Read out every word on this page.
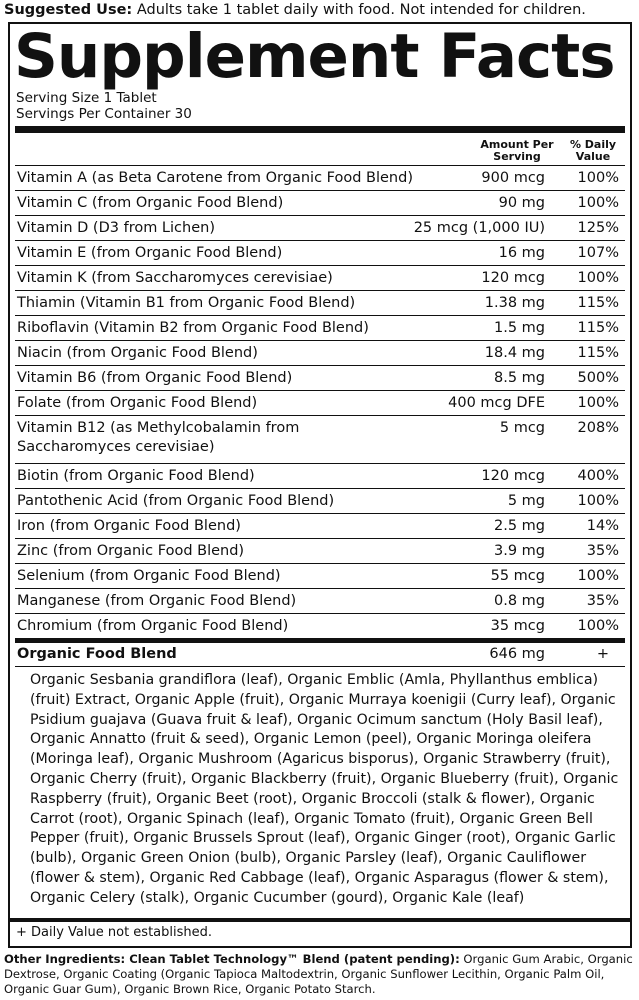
Suggested Use: Adults take 1 tablet daily with food. Not intended for children.
Supplement Facts
Serving Size 1 Tablet
Servings Per Container 30
Amount Per
Serving
% Daily
Value
Vitamin A (as Beta Carotene from Organic Food Blend)	900 mcg	100%
Vitamin C (from Organic Food Blend)	90 mg	100%
Vitamin D (D3 from Lichen)	25 mcg (1,000 IU)	125%
Vitamin E (from Organic Food Blend)	16 mg	107%
Vitamin K (from Saccharomyces cerevisiae)	120 mcg	100%
Thiamin (Vitamin B1 from Organic Food Blend)	1.38 mg	115%
Riboflavin (Vitamin B2 from Organic Food Blend)	1.5 mg	115%
Niacin (from Organic Food Blend)	18.4 mg	115%
Vitamin B6 (from Organic Food Blend)	8.5 mg	500%
Folate (from Organic Food Blend)	400 mcg DFE	100%
Vitamin B12 (as Methylcobalamin from Saccharomyces cerevisiae)
5 mcg	208%
Biotin (from Organic Food Blend)	120 mcg	400%
Pantothenic Acid (from Organic Food Blend)	5 mg	100%
Iron (from Organic Food Blend)	2.5 mg	14%
Zinc (from Organic Food Blend)	3.9 mg	35%
Selenium (from Organic Food Blend)	55 mcg	100%
Manganese (from Organic Food Blend)	0.8 mg	35%
Chromium (from Organic Food Blend)	35 mcg	100%
Organic Food Blend	646 mg	+
Organic Sesbania grandiflora (leaf), Organic Emblic (Amla, Phyllanthus emblica) (fruit) Extract, Organic Apple (fruit), Organic Murraya koenigii (Curry leaf), Organic Psidium guajava (Guava fruit & leaf), Organic Ocimum sanctum (Holy Basil leaf), Organic Annatto (fruit & seed), Organic Lemon (peel), Organic Moringa oleifera (Moringa leaf), Organic Mushroom (Agaricus bisporus), Organic Strawberry (fruit), Organic Cherry (fruit), Organic Blackberry (fruit), Organic Blueberry (fruit), Organic Raspberry (fruit), Organic Beet (root), Organic Broccoli (stalk & flower), Organic Carrot (root), Organic Spinach (leaf), Organic Tomato (fruit), Organic Green Bell Pepper (fruit), Organic Brussels Sprout (leaf), Organic Ginger (root), Organic Garlic (bulb), Organic Green Onion (bulb), Organic Parsley (leaf), Organic Cauliflower (flower & stem), Organic Red Cabbage (leaf), Organic Asparagus (flower & stem), Organic Celery (stalk), Organic Cucumber (gourd), Organic Kale (leaf)
+ Daily Value not established.
Other Ingredients: Clean Tablet Technology™ Blend (patent pending): Organic Gum Arabic, Organic Dextrose, Organic Coating (Organic Tapioca Maltodextrin, Organic Sunflower Lecithin, Organic Palm Oil, Organic Guar Gum), Organic Brown Rice, Organic Potato Starch.
